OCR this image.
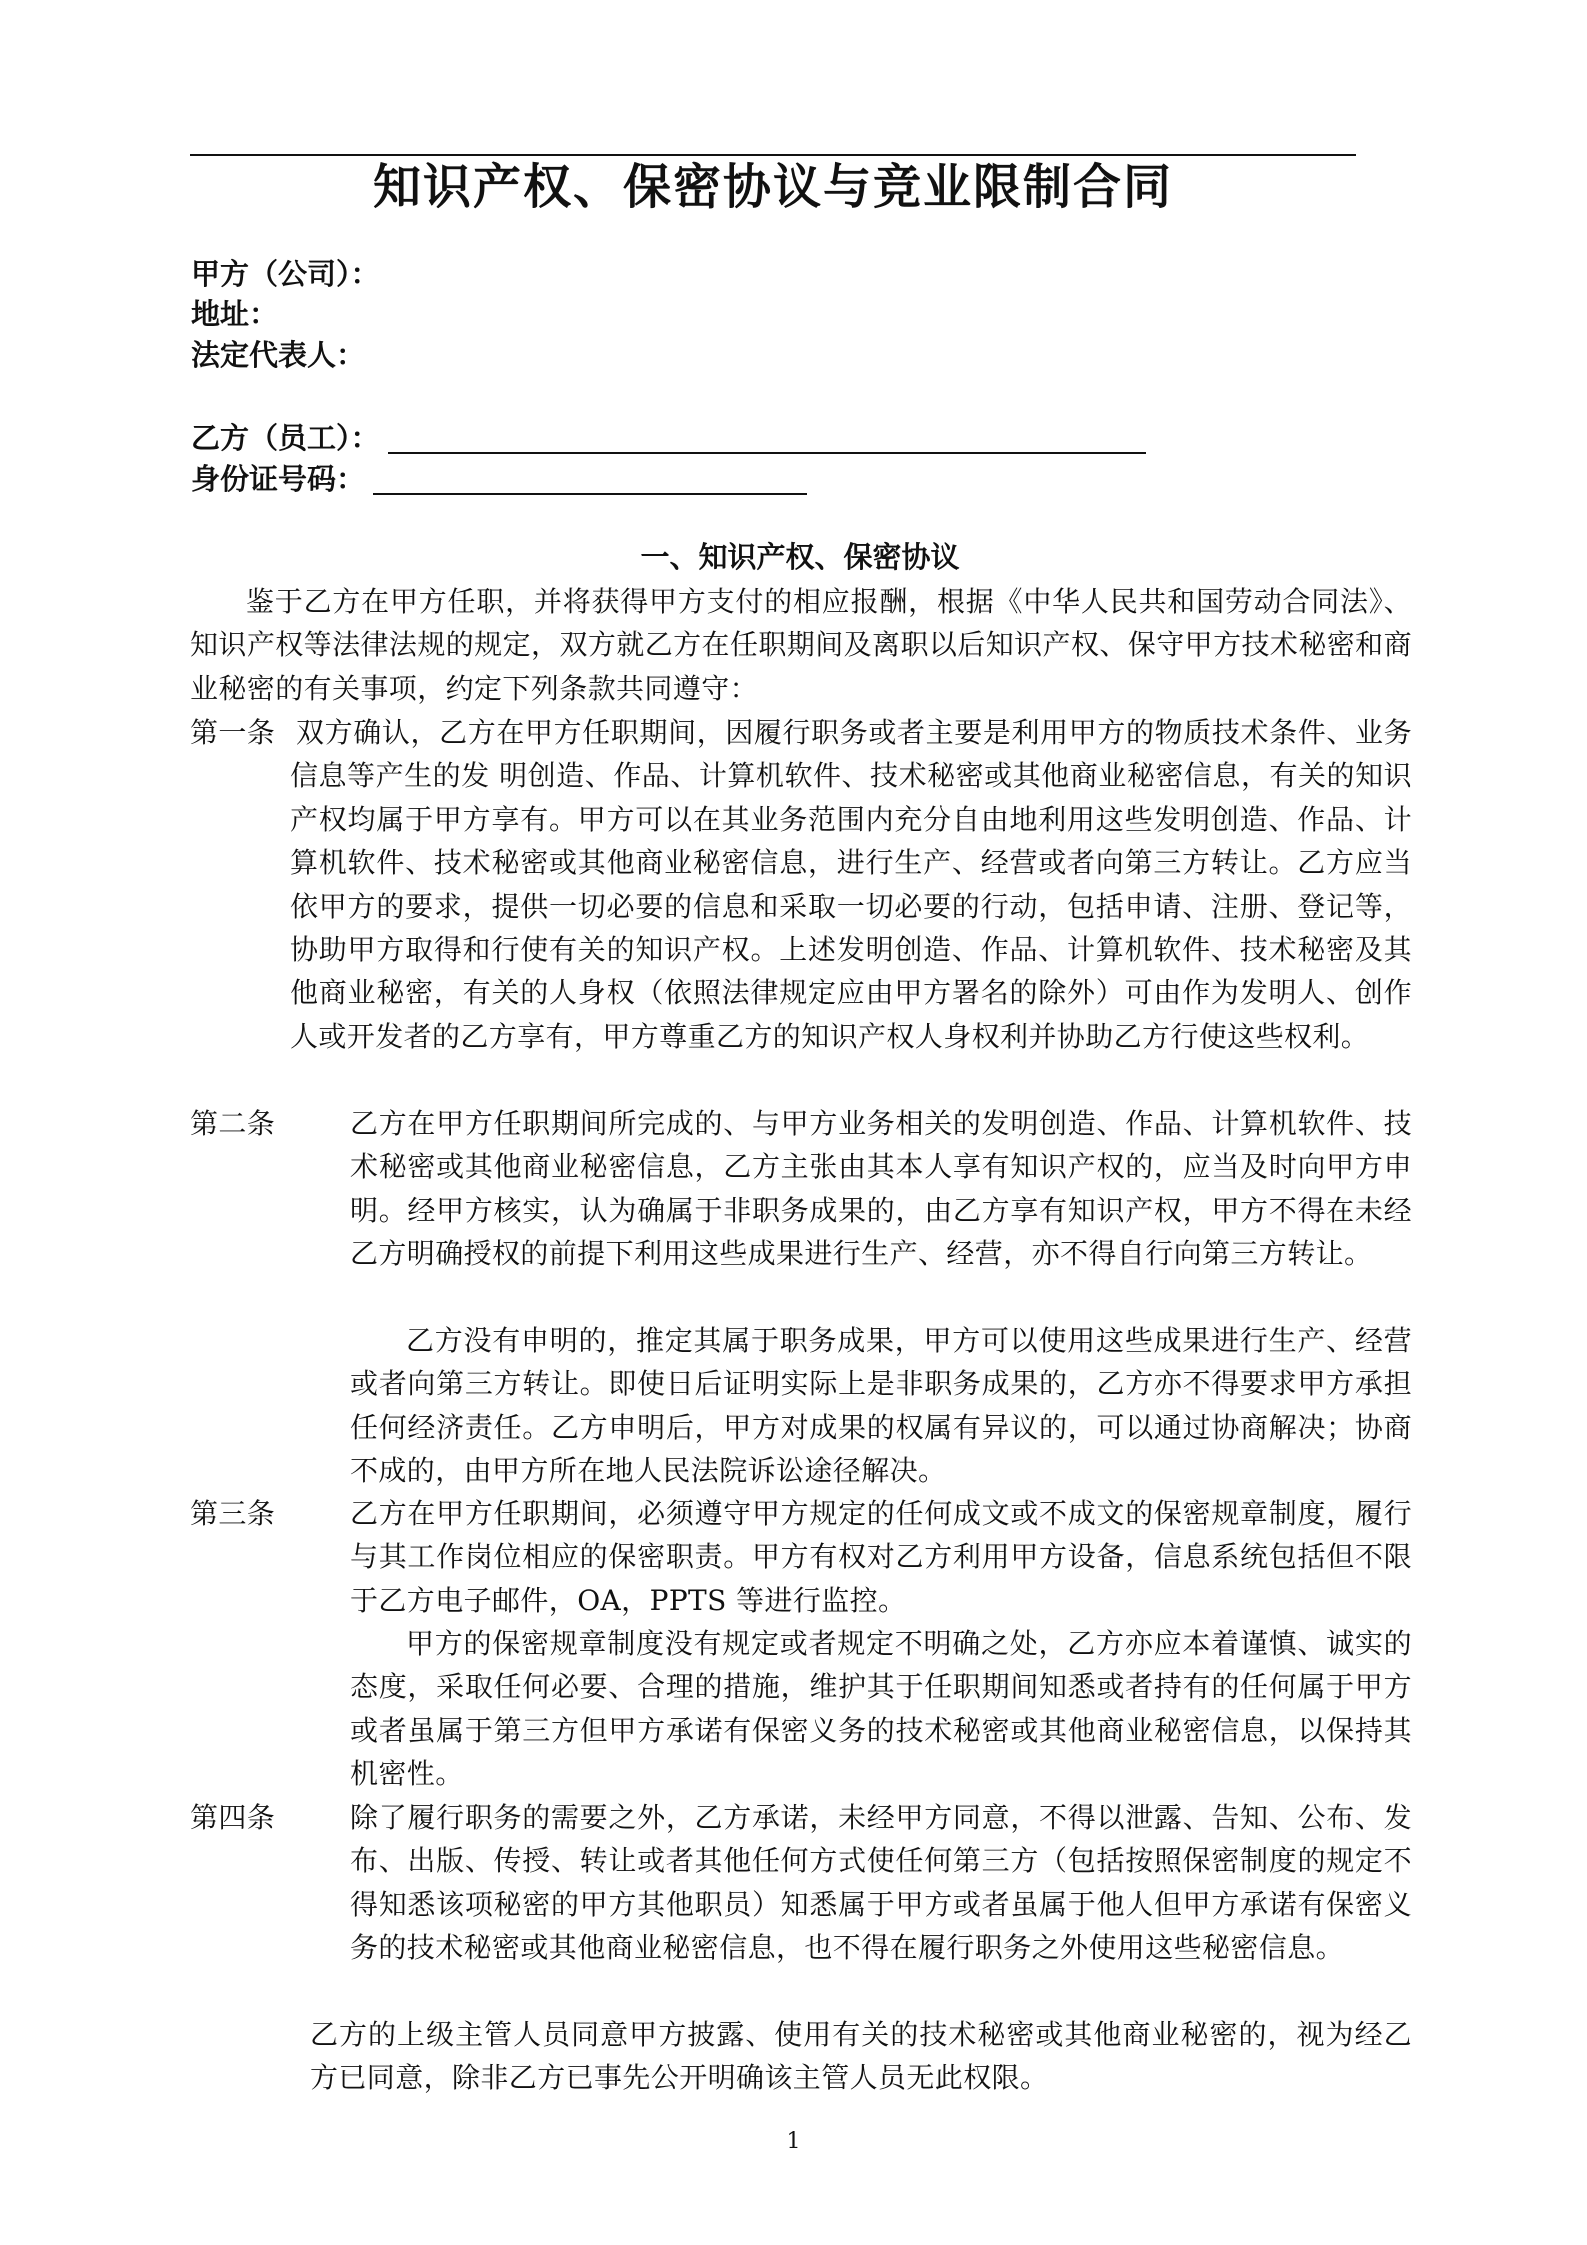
知识产权、保密协议与竞业限制合同
甲方（公司）：
地址：
法定代表人：
乙方（员工）：
身份证号码：
一、知识产权、保密协议

鉴于乙方在甲方任职，并将获得甲方支付的相应报酬，根据《中华人民共和国劳动合同法》、知识产权等法律法规的规定，双方就乙方在任职期间及离职以后知识产权、保守甲方技术秘密和商业秘密的有关事项，约定下列条款共同遵守：

第一条 双方确认，乙方在甲方任职期间，因履行职务或者主要是利用甲方的物质技术条件、业务信息等产生的发 明创造、作品、计算机软件、技术秘密或其他商业秘密信息，有关的知识产权均属于甲方享有。甲方可以在其业务范围内充分自由地利用这些发明创造、作品、计算机软件、技术秘密或其他商业秘密信息，进行生产、经营或者向第三方转让。乙方应当依甲方的要求，提供一切必要的信息和采取一切必要的行动，包括申请、注册、登记等，协助甲方取得和行使有关的知识产权。上述发明创造、作品、计算机软件、技术秘密及其他商业秘密，有关的人身权（依照法律规定应由甲方署名的除外）可由作为发明人、创作人或开发者的乙方享有，甲方尊重乙方的知识产权人身权利并协助乙方行使这些权利。

第二条	乙方在甲方任职期间所完成的、与甲方业务相关的发明创造、作品、计算机软件、技术秘密或其他商业秘密信息，乙方主张由其本人享有知识产权的，应当及时向甲方申明。经甲方核实，认为确属于非职务成果的，由乙方享有知识产权，甲方不得在未经乙方明确授权的前提下利用这些成果进行生产、经营，亦不得自行向第三方转让。

乙方没有申明的，推定其属于职务成果，甲方可以使用这些成果进行生产、经营或者向第三方转让。即使日后证明实际上是非职务成果的，乙方亦不得要求甲方承担任何经济责任。乙方申明后，甲方对成果的权属有异议的，可以通过协商解决；协商不成的，由甲方所在地人民法院诉讼途径解决。

第三条	乙方在甲方任职期间，必须遵守甲方规定的任何成文或不成文的保密规章制度，履行与其工作岗位相应的保密职责。甲方有权对乙方利用甲方设备，信息系统包括但不限于乙方电子邮件，OA，PPTS 等进行监控。

甲方的保密规章制度没有规定或者规定不明确之处，乙方亦应本着谨慎、诚实的态度，采取任何必要、合理的措施，维护其于任职期间知悉或者持有的任何属于甲方或者虽属于第三方但甲方承诺有保密义务的技术秘密或其他商业秘密信息，以保持其机密性。

第四条	除了履行职务的需要之外，乙方承诺，未经甲方同意，不得以泄露、告知、公布、发布、出版、传授、转让或者其他任何方式使任何第三方（包括按照保密制度的规定不得知悉该项秘密的甲方其他职员）知悉属于甲方或者虽属于他人但甲方承诺有保密义务的技术秘密或其他商业秘密信息，也不得在履行职务之外使用这些秘密信息。

乙方的上级主管人员同意甲方披露、使用有关的技术秘密或其他商业秘密的，视为经乙方已同意，除非乙方已事先公开明确该主管人员无此权限。

1
